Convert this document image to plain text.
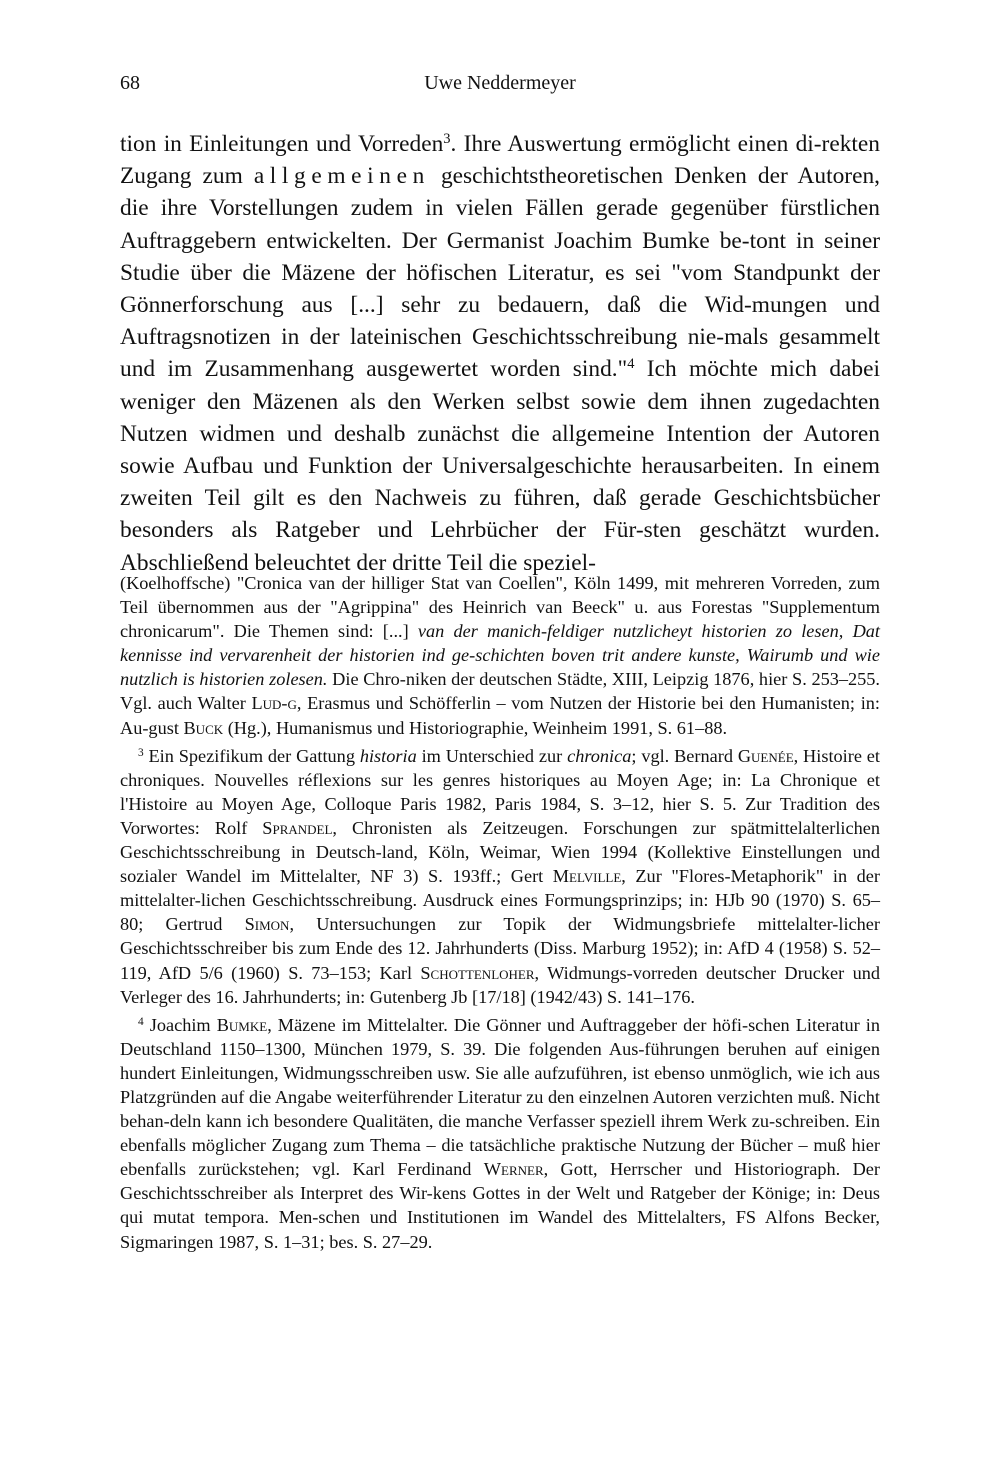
68	Uwe Neddermeyer

tion in Einleitungen und Vorreden$^3$. Ihre Auswertung ermöglicht einen di-rekten Zugang zum allgemeinen geschichtstheoretischen Denken der Autoren, die ihre Vorstellungen zudem in vielen Fällen gerade gegenüber fürstlichen Auftraggebern entwickelten. Der Germanist Joachim Bumke be-tont in seiner Studie über die Mäzene der höfischen Literatur, es sei "vom Standpunkt der Gönnerforschung aus [...] sehr zu bedauern, daß die Wid-mungen und Auftragsnotizen in der lateinischen Geschichtsschreibung nie-mals gesammelt und im Zusammenhang ausgewertet worden sind."$^4$ Ich möchte mich dabei weniger den Mäzenen als den Werken selbst sowie dem ihnen zugedachten Nutzen widmen und deshalb zunächst die allgemeine Intention der Autoren sowie Aufbau und Funktion der Universalgeschichte herausarbeiten. In einem zweiten Teil gilt es den Nachweis zu führen, daß gerade Geschichtsbücher besonders als Ratgeber und Lehrbücher der Für-sten geschätzt wurden. Abschließend beleuchtet der dritte Teil die speziel-

(Koelhoffsche) "Cronica van der hilliger Stat van Coellen", Köln 1499, mit mehreren Vorreden, zum Teil übernommen aus der "Agrippina" des Heinrich van Beeck" u. aus Forestas "Supplementum chronicarum". Die Themen sind: [...] van der manich-feldiger nutzlicheyt historien zo lesen, Dat kennisse ind vervarenheit der historien ind ge-schichten boven trit andere kunste, Wairumb und wie nutzlich is historien zolesen. Die Chro-niken der deutschen Städte, XIII, Leipzig 1876, hier S. 253–255. Vgl. auch Walter Lud-g, Erasmus und Schöfferlin – vom Nutzen der Historie bei den Humanisten; in: Au-gust Buck (Hg.), Humanismus und Historiographie, Weinheim 1991, S. 61–88.

$^3$ Ein Spezifikum der Gattung historia im Unterschied zur chronica; vgl. Bernard Guenée, Histoire et chroniques. Nouvelles réflexions sur les genres historiques au Moyen Age; in: La Chronique et l'Histoire au Moyen Age, Colloque Paris 1982, Paris 1984, S. 3–12, hier S. 5. Zur Tradition des Vorwortes: Rolf Sprandel, Chronisten als Zeitzeugen. Forschungen zur spätmittelalterlichen Geschichtsschreibung in Deutsch-land, Köln, Weimar, Wien 1994 (Kollektive Einstellungen und sozialer Wandel im Mittelalter, NF 3) S. 193ff.; Gert Melville, Zur "Flores-Metaphorik" in der mittelalter-lichen Geschichtsschreibung. Ausdruck eines Formungsprinzips; in: HJb 90 (1970) S. 65–80; Gertrud Simon, Untersuchungen zur Topik der Widmungsbriefe mittelalter-licher Geschichtsschreiber bis zum Ende des 12. Jahrhunderts (Diss. Marburg 1952); in: AfD 4 (1958) S. 52–119, AfD 5/6 (1960) S. 73–153; Karl Schottenloher, Widmungs-vorreden deutscher Drucker und Verleger des 16. Jahrhunderts; in: Gutenberg Jb [17/18] (1942/43) S. 141–176.

$^4$ Joachim Bumke, Mäzene im Mittelalter. Die Gönner und Auftraggeber der höfi-schen Literatur in Deutschland 1150–1300, München 1979, S. 39. Die folgenden Aus-führungen beruhen auf einigen hundert Einleitungen, Widmungsschreiben usw. Sie alle aufzuführen, ist ebenso unmöglich, wie ich aus Platzgründen auf die Angabe weiterführender Literatur zu den einzelnen Autoren verzichten muß. Nicht behan-deln kann ich besondere Qualitäten, die manche Verfasser speziell ihrem Werk zu-schreiben. Ein ebenfalls möglicher Zugang zum Thema – die tatsächliche praktische Nutzung der Bücher – muß hier ebenfalls zurückstehen; vgl. Karl Ferdinand Werner, Gott, Herrscher und Historiograph. Der Geschichtsschreiber als Interpret des Wir-kens Gottes in der Welt und Ratgeber der Könige; in: Deus qui mutat tempora. Men-schen und Institutionen im Wandel des Mittelalters, FS Alfons Becker, Sigmaringen 1987, S. 1–31; bes. S. 27–29.
